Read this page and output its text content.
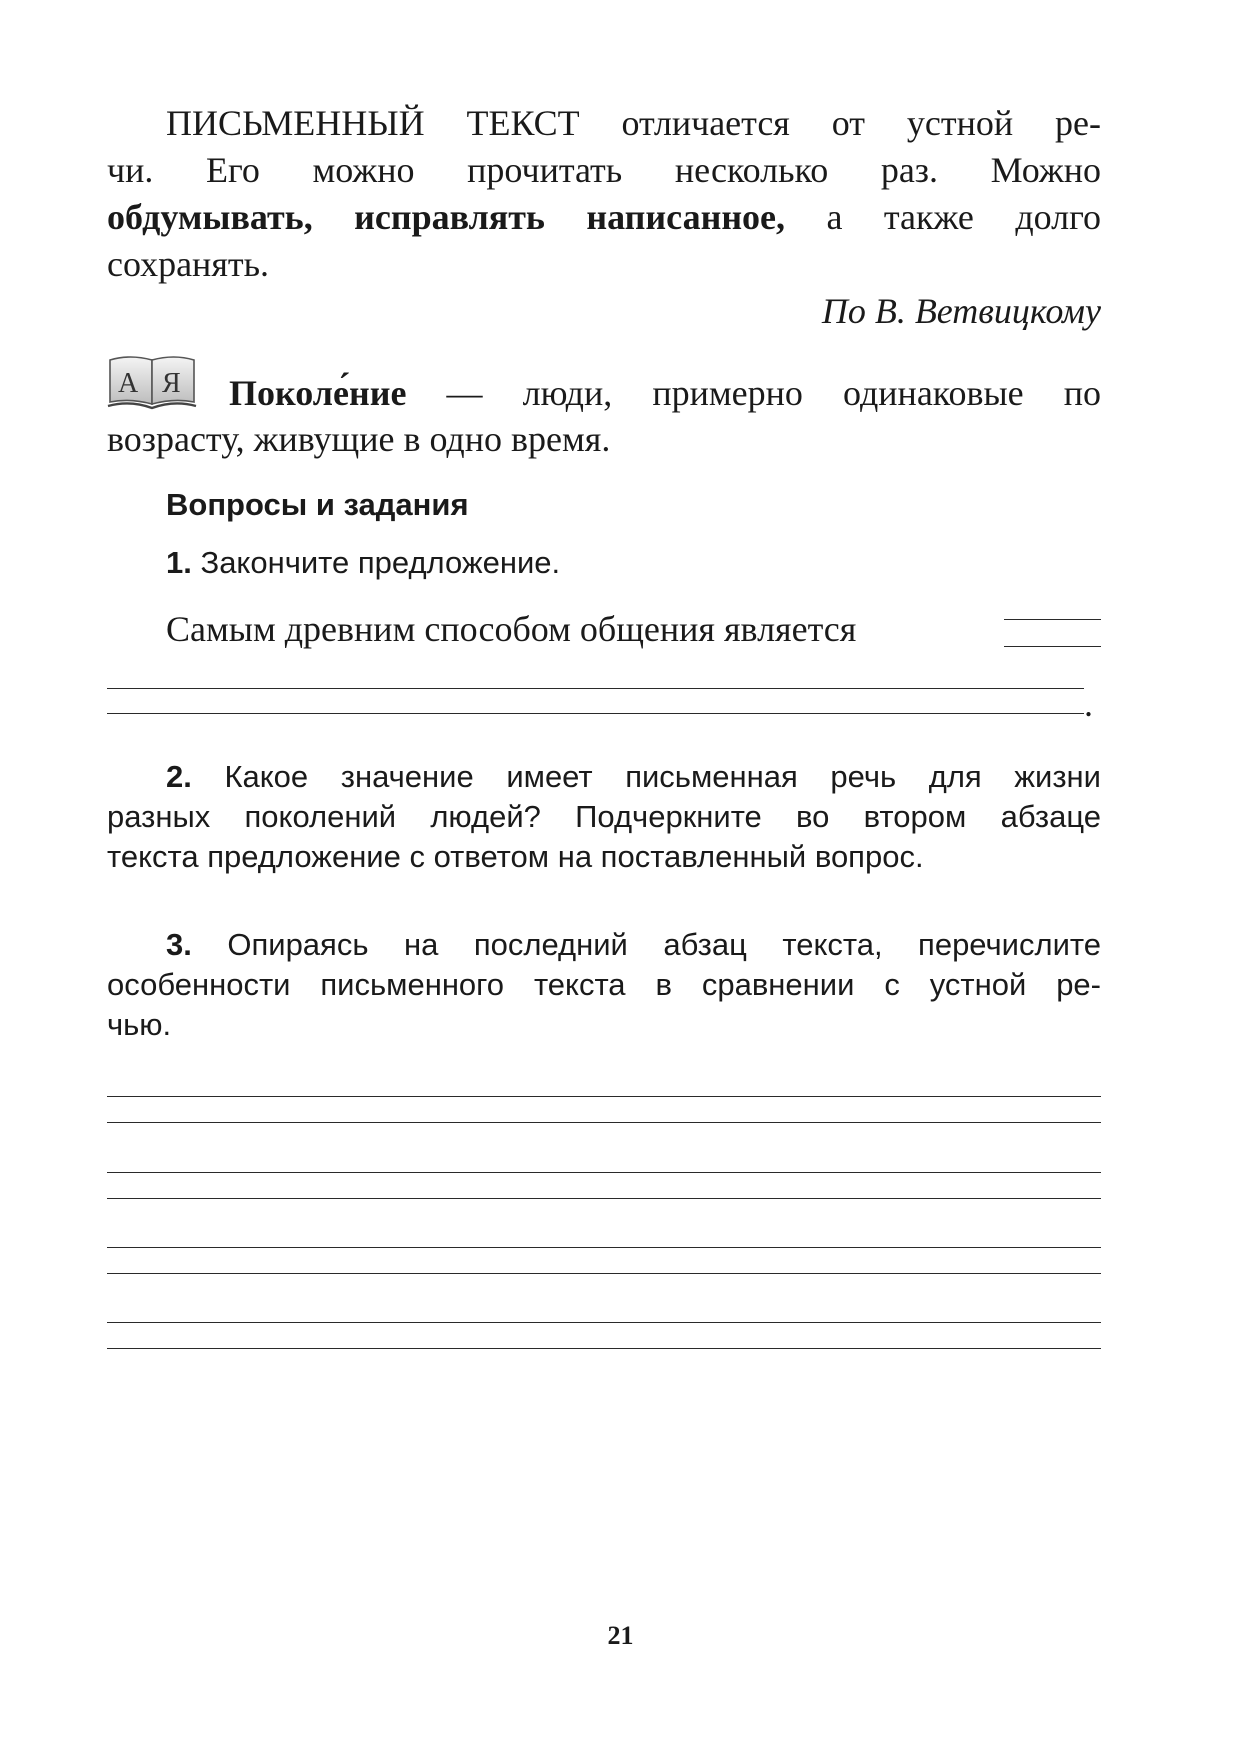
ПИСЬМЕННЫЙ ТЕКСТ отличается от устной ре-
чи. Его можно прочитать несколько раз. Можно
обдумывать, исправлять написанное, а также долго
сохранять.
По В. Ветвицкому
А Я	Поколе́ние — люди, примерно одинаковые по
возрасту, живущие в одно время.
Вопросы и задания
1. Закончите предложение.
Самым древним способом общения является
.
2. Какое значение имеет письменная речь для жизни
разных поколений людей? Подчеркните во втором абзаце
текста предложение с ответом на поставленный вопрос.
3. Опираясь на последний абзац текста, перечислите
особенности письменного текста в сравнении с устной ре-
чью.
21
